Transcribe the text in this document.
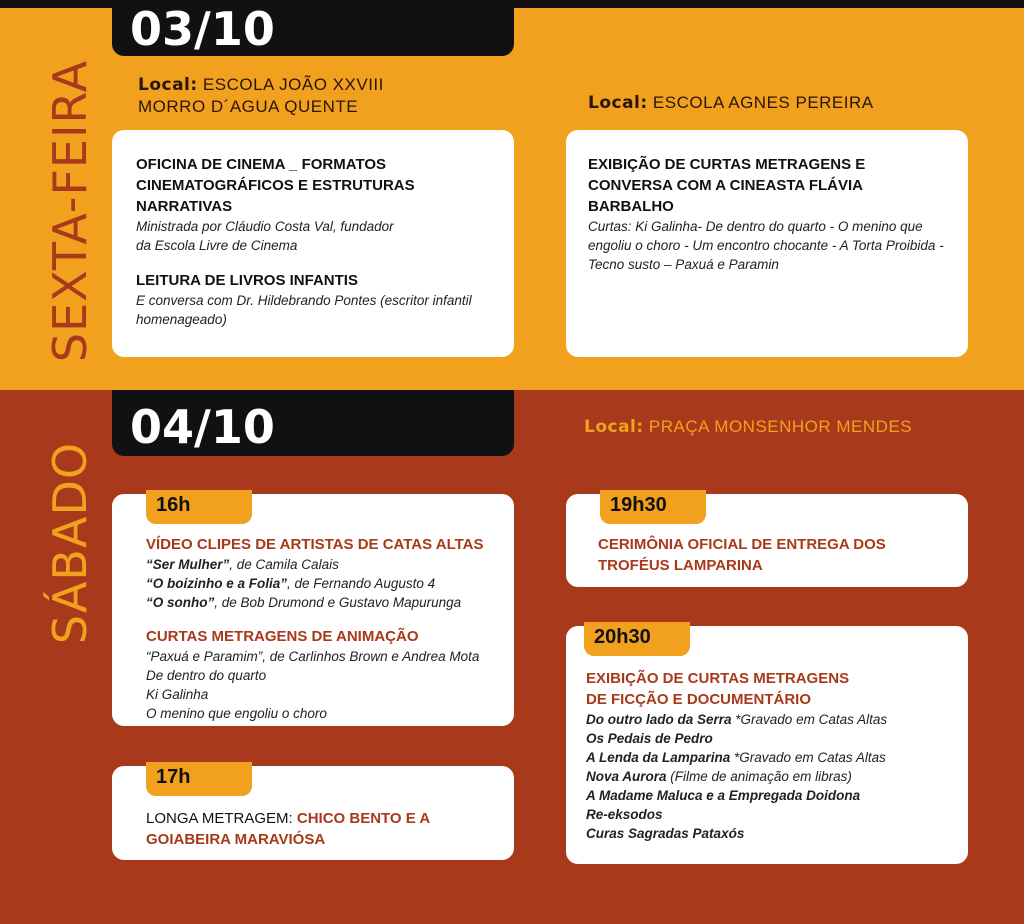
SEXTA-FEIRA Local: ESCOLA JOÃO XXVIII
MORRO D´AGUA QUENTE	Local: ESCOLA AGNES PEREIRA
OFICINA DE CINEMA _ FORMATOS CINEMATOGRÁFICOS E ESTRUTURAS NARRATIVAS

Ministrada por Cláudio Costa Val, fundador

da Escola Livre de Cinema

LEITURA DE LIVROS INFANTIS

E conversa com Dr. Hildebrando Pontes (escritor infantil homenageado)

EXIBIÇÃO DE CURTAS METRAGENS E CONVERSA COM A CINEASTA FLÁVIA BARBALHO

Curtas: Ki Galinha- De dentro do quarto - O menino que engoliu o choro - Um encontro chocante - A Torta Proibida - Tecno susto – Paxuá e Paramin

03/10
SÁBADO
Local: PRAÇA MONSENHOR MENDES
16h
VÍDEO CLIPES DE ARTISTAS DE CATAS ALTAS

“Ser Mulher”, de Camila Calais

“O boizinho e a Folia”, de Fernando Augusto 4

“O sonho”, de Bob Drumond e Gustavo Mapurunga

CURTAS METRAGENS DE ANIMAÇÃO

“Paxuá e Paramim”, de Carlinhos Brown e Andrea Mota

De dentro do quarto

Ki Galinha

O menino que engoliu o choro

17h
LONGA METRAGEM: CHICO BENTO E A
GOIABEIRA MARAVIÓSA
19h30
CERIMÔNIA OFICIAL DE ENTREGA DOS
TROFÉUS LAMPARINA
20h30
EXIBIÇÃO DE CURTAS METRAGENS
DE FICÇÃO E DOCUMENTÁRIO

Do outro lado da Serra *Gravado em Catas Altas

Os Pedais de Pedro

A Lenda da Lamparina *Gravado em Catas Altas

Nova Aurora (Filme de animação em libras)

A Madame Maluca e a Empregada Doidona

Re-eksodos

Curas Sagradas Pataxós

04/10
